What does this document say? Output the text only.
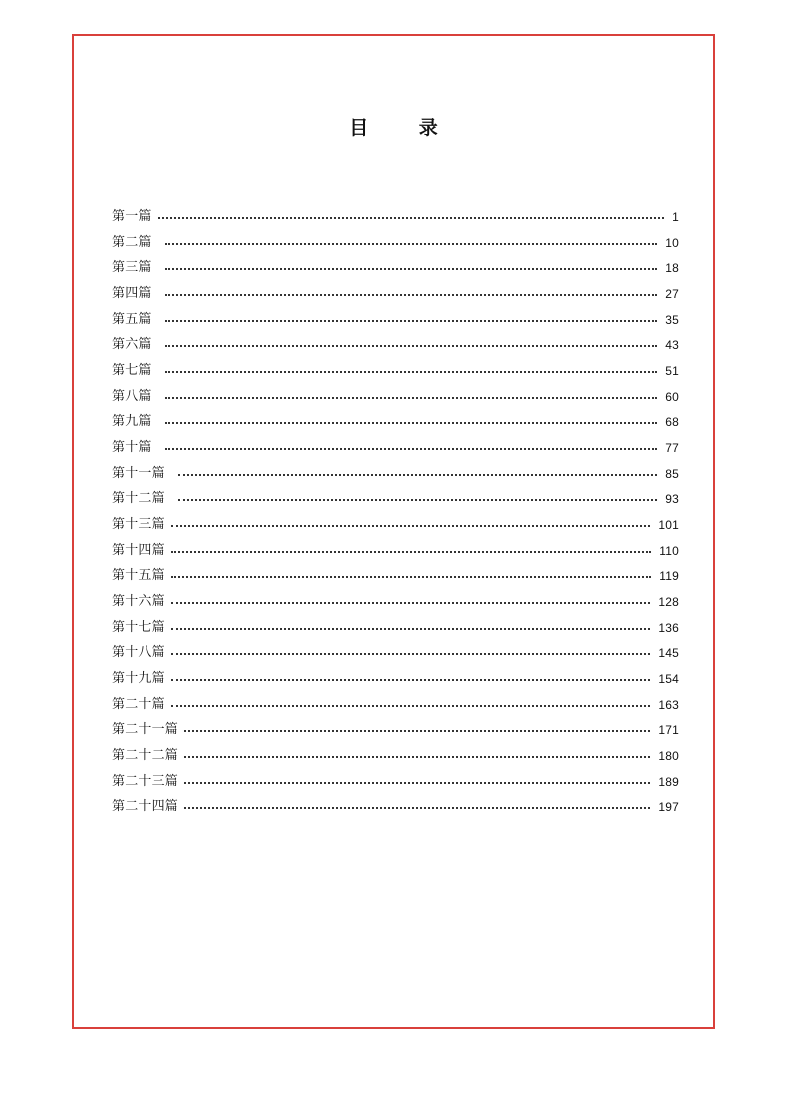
目 录
第一篇	1
第二篇	10
第三篇	18
第四篇	27
第五篇	35
第六篇	43
第七篇	51
第八篇	60
第九篇	68
第十篇	77
第十一篇	85
第十二篇	93
第十三篇	101
第十四篇	110
第十五篇	119
第十六篇	128
第十七篇	136
第十八篇	145
第十九篇	154
第二十篇	163
第二十一篇	171
第二十二篇	180
第二十三篇	189
第二十四篇	197
